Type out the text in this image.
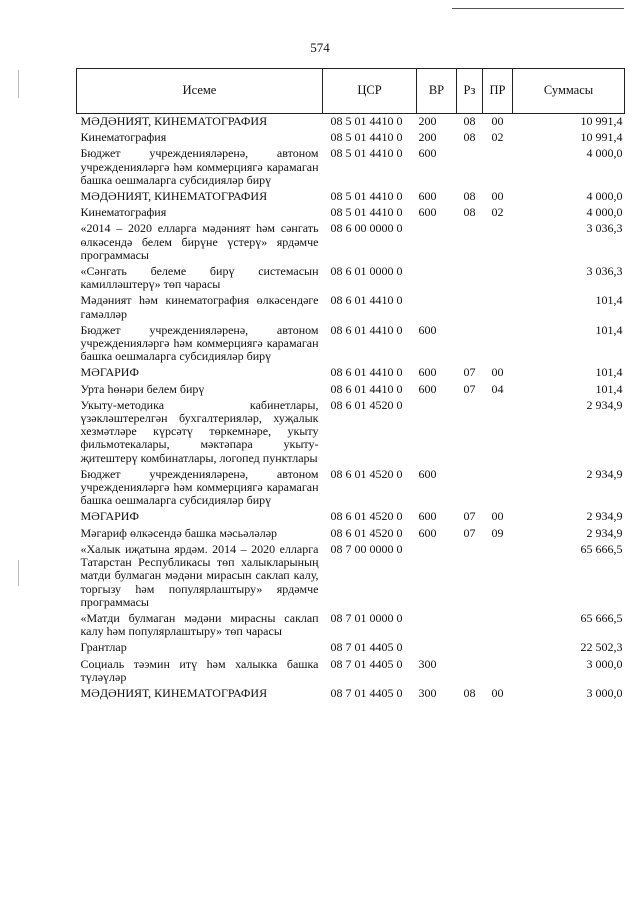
574
Исеме	ЦСР	ВР	Рз	ПР	Суммасы
МӘДӘНИЯТ, КИНЕМАТОГРАФИЯ	08 5 01 4410 0	200	08	00	10 991,4
Кинематография	08 5 01 4410 0	200	08	02	10 991,4
Бюджет учрежденияләренә, автоном учрежденияләргә һәм коммерциягә карамаган башка оешмаларга субсидияләр бирү	08 5 01 4410 0	600			4 000,0
МӘДӘНИЯТ, КИНЕМАТОГРАФИЯ	08 5 01 4410 0	600	08	00	4 000,0
Кинематография	08 5 01 4410 0	600	08	02	4 000,0
«2014 – 2020 елларга мәдәният һәм сәнгать өлкәсендә белем бирүне үстерү» ярдәмче программасы	08 6 00 0000 0				3 036,3
«Сәнгать белеме бирү системасын камилләштерү» төп чарасы	08 6 01 0000 0				3 036,3
Мәдәният һәм кинематография өлкәсендәге гамәлләр	08 6 01 4410 0				101,4
Бюджет учрежденияләренә, автоном учрежденияләргә һәм коммерциягә карамаган башка оешмаларга субсидияләр бирү	08 6 01 4410 0	600			101,4
МӘГАРИФ	08 6 01 4410 0	600	07	00	101,4
Урта һөнәри белем бирү	08 6 01 4410 0	600	07	04	101,4
Укыту-методика кабинетлары, үзәкләштерелгән бухгалтерияләр, хуҗалык хезмәтләре күрсәтү төркемнәре, укыту фильмотекалары, мәктәпара укыту-җитештерү комбинатлары, логопед пунктлары	08 6 01 4520 0				2 934,9
Бюджет учрежденияләренә, автоном учрежденияләргә һәм коммерциягә карамаган башка оешмаларга субсидияләр бирү	08 6 01 4520 0	600			2 934,9
МӘГАРИФ	08 6 01 4520 0	600	07	00	2 934,9
Мәгариф өлкәсендә башка мәсьәләләр	08 6 01 4520 0	600	07	09	2 934,9
«Халык иҗатына ярдәм. 2014 – 2020 елларга Татарстан Республикасы төп халыкларының матди булмаган мәдәни мирасын саклап калу, торгызу һәм популярлаштыру» ярдәмче программасы	08 7 00 0000 0				65 666,5
«Матди булмаган мәдәни мирасны саклап калу һәм популярлаштыру» төп чарасы	08 7 01 0000 0				65 666,5
Грантлар	08 7 01 4405 0				22 502,3
Социаль тәэмин итү һәм халыкка башка түләүләр	08 7 01 4405 0	300			3 000,0
МӘДӘНИЯТ, КИНЕМАТОГРАФИЯ	08 7 01 4405 0	300	08	00	3 000,0
